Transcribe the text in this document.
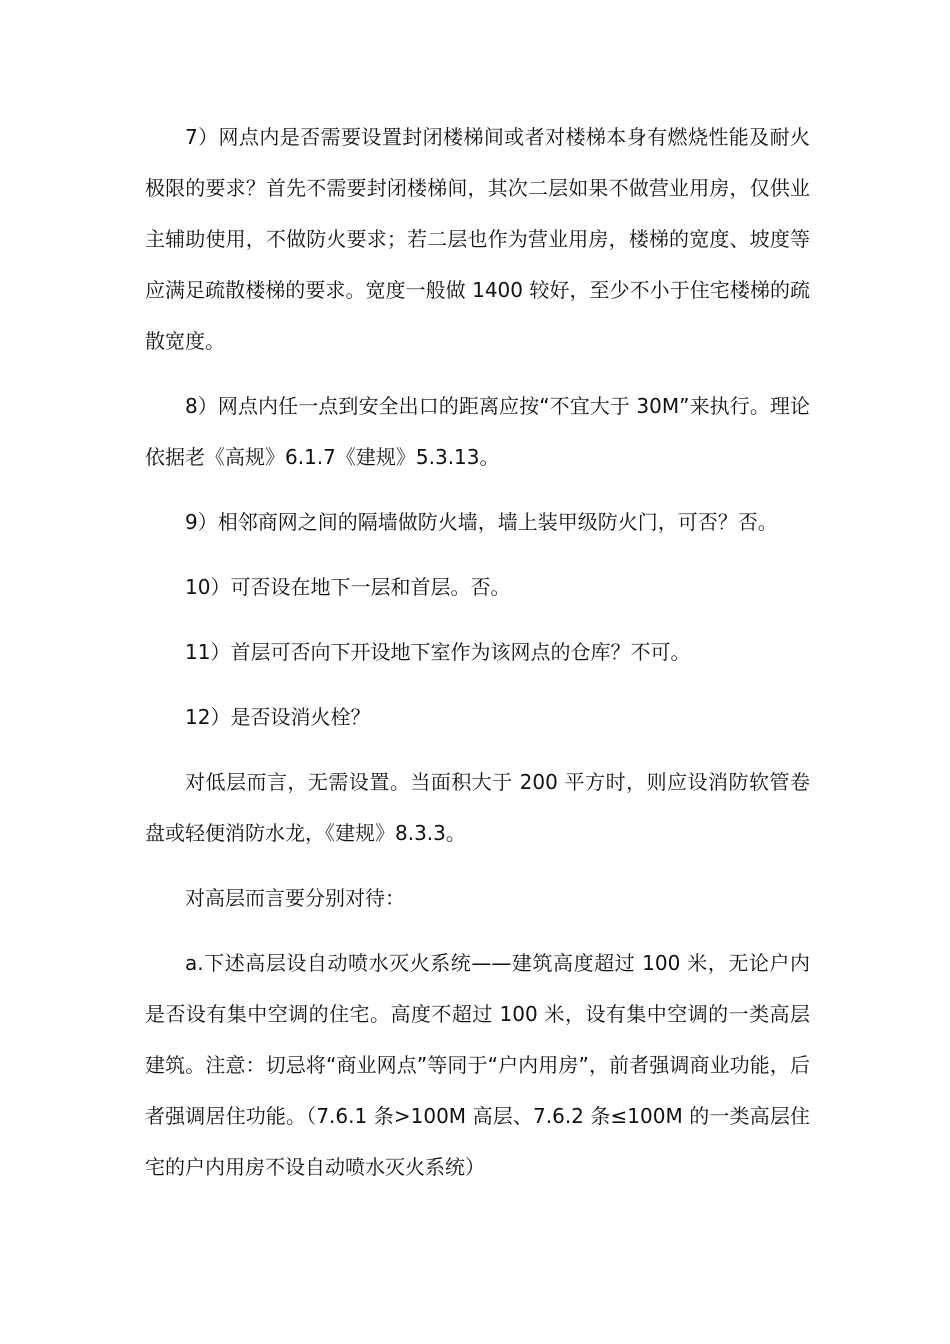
7）网点内是否需要设置封闭楼梯间或者对楼梯本身有燃烧性能及耐火极限的要求？首先不需要封闭楼梯间，其次二层如果不做营业用房，仅供业主辅助使用，不做防火要求；若二层也作为营业用房，楼梯的宽度、坡度等应满足疏散楼梯的要求。宽度一般做 1400 较好，至少不小于住宅楼梯的疏散宽度。

8）网点内任一点到安全出口的距离应按“不宜大于 30M”来执行。理论依据老《高规》6.1.7《建规》5.3.13。

9）相邻商网之间的隔墙做防火墙，墙上装甲级防火门，可否？否。

10）可否设在地下一层和首层。否。

11）首层可否向下开设地下室作为该网点的仓库？不可。

12）是否设消火栓？

对低层而言，无需设置。当面积大于 200 平方时，则应设消防软管卷盘或轻便消防水龙，《建规》8.3.3。

对高层而言要分别对待：

a.下述高层设自动喷水灭火系统——建筑高度超过 100 米，无论户内是否设有集中空调的住宅。高度不超过 100 米，设有集中空调的一类高层建筑。注意：切忌将“商业网点”等同于“户内用房”，前者强调商业功能，后者强调居住功能。（7.6.1 条>100M 高层、7.6.2 条≤100M 的一类高层住宅的户内用房不设自动喷水灭火系统）
